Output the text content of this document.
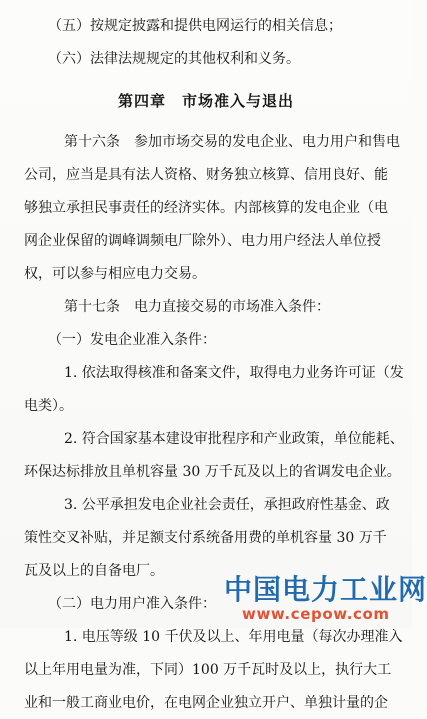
（五）按规定披露和提供电网运行的相关信息；
（六）法律法规规定的其他权利和义务。
第四章　市场准入与退出
第十六条　参加市场交易的发电企业、电力用户和售电
公司，应当是具有法人资格、财务独立核算、信用良好、能
够独立承担民事责任的经济实体。内部核算的发电企业（电
网企业保留的调峰调频电厂除外）、电力用户经法人单位授
权，可以参与相应电力交易。
第十七条　电力直接交易的市场准入条件：
（一）发电企业准入条件：
1. 依法取得核准和备案文件，取得电力业务许可证（发
电类）。
2. 符合国家基本建设审批程序和产业政策，单位能耗、
环保达标排放且单机容量 30 万千瓦及以上的省调发电企业。
3. 公平承担发电企业社会责任，承担政府性基金、政
策性交叉补贴，并足额支付系统备用费的单机容量 30 万千
瓦及以上的自备电厂。
（二）电力用户准入条件：
1. 电压等级 10 千伏及以上、年用电量（每次办理准入
以上年用电量为准，下同）100 万千瓦时及以上，执行大工
业和一般工商业电价，在电网企业独立开户、单独计量的企
中国电力工业网
www.cepow.com
